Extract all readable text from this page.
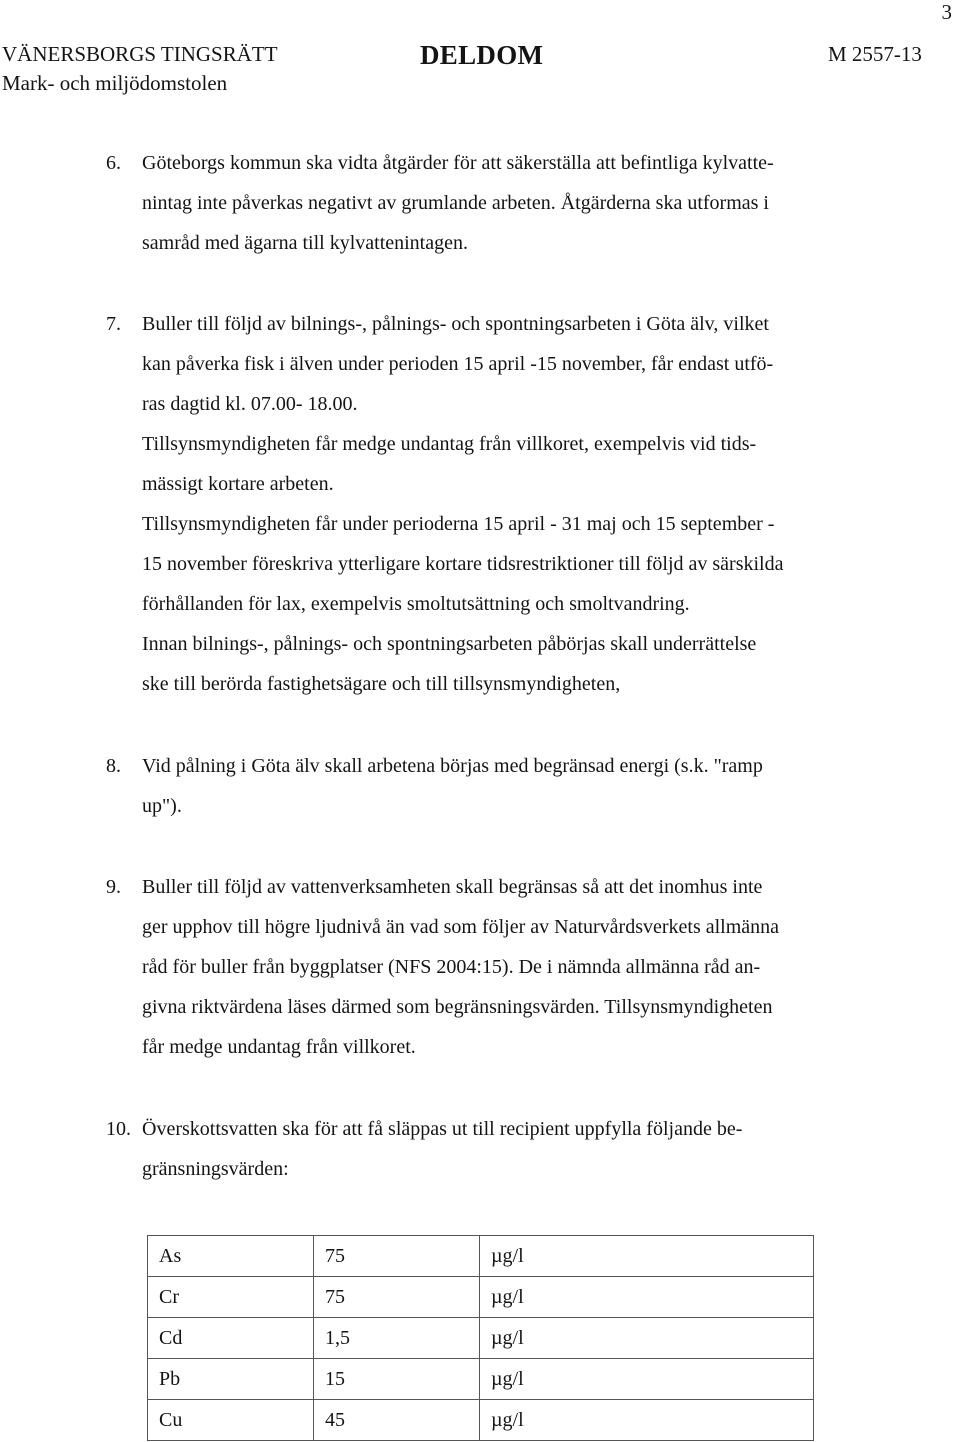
3
VÄNERSBORGS TINGSRÄTT
Mark- och miljödomstolen
DELDOM	M 2557-13
6. Göteborgs kommun ska vidta åtgärder för att säkerställa att befintliga kylvatte-
nintag inte påverkas negativt av grumlande arbeten. Åtgärderna ska utformas i
samråd med ägarna till kylvattenintagen.

7. Buller till följd av bilnings-, pålnings- och spontningsarbeten i Göta älv, vilket
kan påverka fisk i älven under perioden 15 april -15 november, får endast utfö-
ras dagtid kl. 07.00- 18.00.

Tillsynsmyndigheten får medge undantag från villkoret, exempelvis vid tids-
mässigt kortare arbeten.

Tillsynsmyndigheten får under perioderna 15 april - 31 maj och 15 september -
15 november föreskriva ytterligare kortare tidsrestriktioner till följd av särskilda
förhållanden för lax, exempelvis smoltutsättning och smoltvandring.

Innan bilnings-, pålnings- och spontningsarbeten påbörjas skall underrättelse
ske till berörda fastighetsägare och till tillsynsmyndigheten,

8. Vid pålning i Göta älv skall arbetena börjas med begränsad energi (s.k. "ramp
up").

9. Buller till följd av vattenverksamheten skall begränsas så att det inomhus inte
ger upphov till högre ljudnivå än vad som följer av Naturvårdsverkets allmänna
råd för buller från byggplatser (NFS 2004:15). De i nämnda allmänna råd an-
givna riktvärdena läses därmed som begränsningsvärden. Tillsynsmyndigheten
får medge undantag från villkoret.

10. Överskottsvatten ska för att få släppas ut till recipient uppfylla följande be-
gränsningsvärden:

As	75	µg/l
Cr	75	µg/l
Cd	1,5	µg/l
Pb	15	µg/l
Cu	45	µg/l
